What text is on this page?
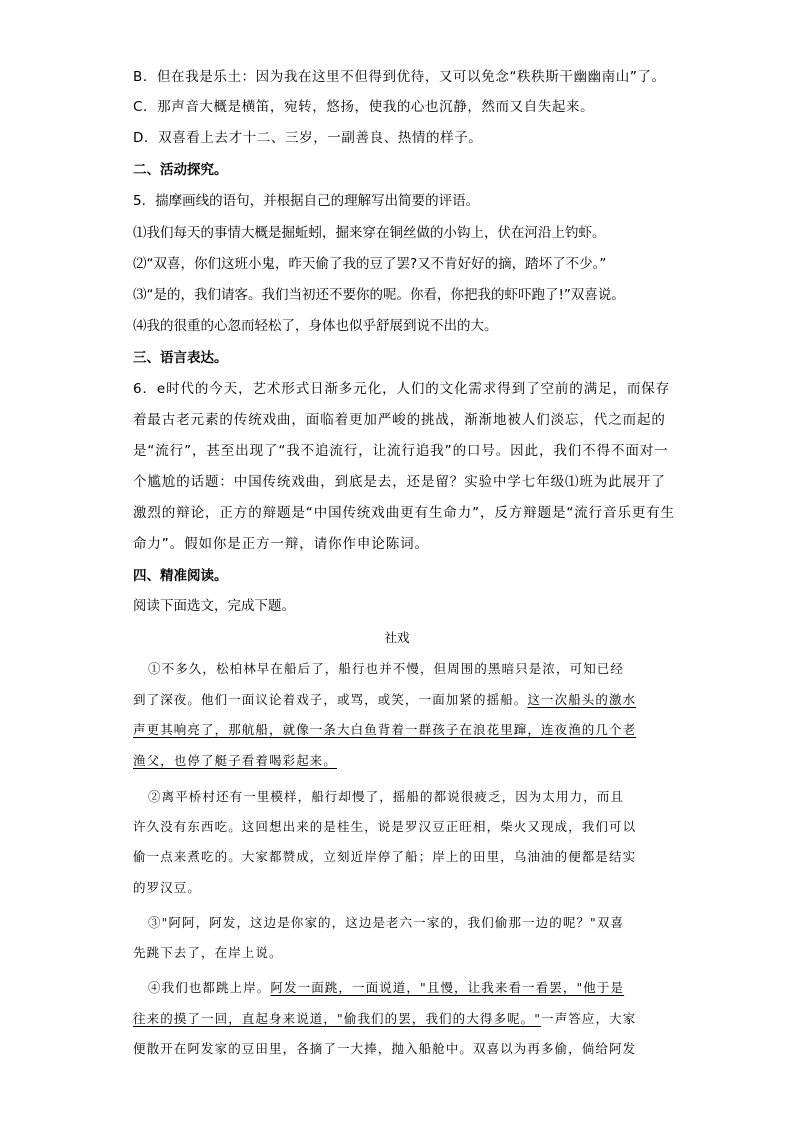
B．但在我是乐土：因为我在这里不但得到优待，又可以免念“秩秩斯干幽幽南山”了。

C．那声音大概是横笛，宛转，悠扬，使我的心也沉静，然而又自失起来。

D．双喜看上去才十二、三岁，一副善良、热情的样子。

二、活动探究。

5．揣摩画线的语句，并根据自己的理解写出简要的评语。

⑴我们每天的事情大概是掘蚯蚓，掘来穿在铜丝做的小钩上，伏在河沿上钓虾。

⑵“双喜，你们这班小鬼，昨天偷了我的豆了罢?又不肯好好的摘，踏坏了不少。”

⑶“是的，我们请客。我们当初还不要你的呢。你看，你把我的虾吓跑了!”双喜说。

⑷我的很重的心忽而轻松了，身体也似乎舒展到说不出的大。

三、语言表达。

6．e时代的今天，艺术形式日渐多元化，人们的文化需求得到了空前的满足，而保存

着最古老元素的传统戏曲，面临着更加严峻的挑战，渐渐地被人们淡忘，代之而起的

是“流行”，甚至出现了“我不追流行，让流行追我”的口号。因此，我们不得不面对一

个尴尬的话题：中国传统戏曲，到底是去，还是留？实验中学七年级⑴班为此展开了

激烈的辩论，正方的辩题是“中国传统戏曲更有生命力”，反方辩题是“流行音乐更有生

命力”。假如你是正方一辩，请你作申论陈词。

四、精准阅读。

阅读下面选文，完成下题。

社戏

①不多久，松柏林早在船后了，船行也并不慢，但周围的黑暗只是浓，可知已经

到了深夜。他们一面议论着戏子，或骂，或笑，一面加紧的摇船。这一次船头的激水

声更其响亮了，那航船，就像一条大白鱼背着一群孩子在浪花里蹿，连夜渔的几个老

渔父，也停了艇子看着喝彩起来。

②离平桥村还有一里模样，船行却慢了，摇船的都说很疲乏，因为太用力，而且

许久没有东西吃。这回想出来的是桂生，说是罗汉豆正旺相，柴火又现成，我们可以

偷一点来煮吃的。大家都赞成，立刻近岸停了船；岸上的田里，乌油油的便都是结实

的罗汉豆。

③"阿阿，阿发，这边是你家的，这边是老六一家的，我们偷那一边的呢？"双喜

先跳下去了，在岸上说。

④我们也都跳上岸。阿发一面跳，一面说道，"且慢，让我来看一看罢，"他于是

往来的摸了一回，直起身来说道，"偷我们的罢，我们的大得多呢。"一声答应，大家

便散开在阿发家的豆田里，各摘了一大捧，抛入船舱中。双喜以为再多偷，倘给阿发
